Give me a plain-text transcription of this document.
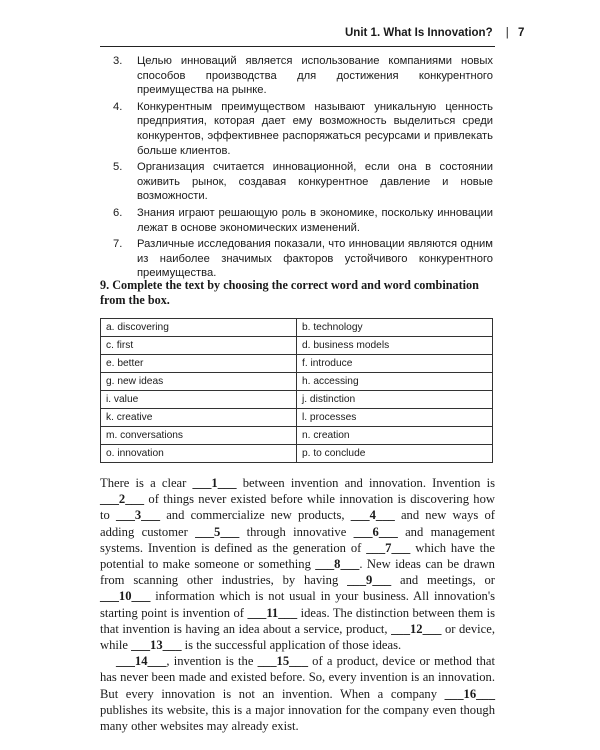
Unit 1. What Is Innovation? | 7
3.	Целью инноваций является использование компаниями новых способов производства для достижения конкурентного преимущества на рынке.
4.	Конкурентным преимуществом называют уникальную ценность предприятия, которая дает ему возможность выделиться среди конкурентов, эффективнее распоряжаться ресурсами и привлекать больше клиентов.
5.	Организация считается инновационной, если она в состоянии оживить рынок, создавая конкурентное давление и новые возможности.
6.	Знания играют решающую роль в экономике, поскольку инновации лежат в основе экономических изменений.
7.	Различные исследования показали, что инновации являются одним из наиболее значимых факторов устойчивого конкурентного преимущества.
9. Complete the text by choosing the correct word and word combination from the box.
a. discovering	b. technology
c. first	d. business models
e. better	f. introduce
g. new ideas	h. accessing
i. value	j. distinction
k. creative	l. processes
m. conversations	n. creation
o. innovation	p. to conclude

There is a clear ___1___ between invention and innovation. Invention is ___2___ of things never existed before while innovation is discovering how to ___3___ and commercialize new products, ___4___ and new ways of adding customer ___5___ through innovative ___6___ and management systems. Invention is defined as the generation of ___7___ which have the potential to make someone or something ___8___. New ideas can be drawn from scanning other industries, by having ___9___ and meetings, or ___10___ information which is not usual in your business. All innovation's starting point is invention of ___11___ ideas. The distinction between them is that invention is having an idea about a service, product, ___12___ or device, while ___13___ is the successful application of those ideas.

___14___, invention is the ___15___ of a product, device or method that has never been made and existed before. So, every invention is an innovation. But every innovation is not an invention. When a company ___16___ publishes its website, this is a major innovation for the company even though many other websites may already exist.
